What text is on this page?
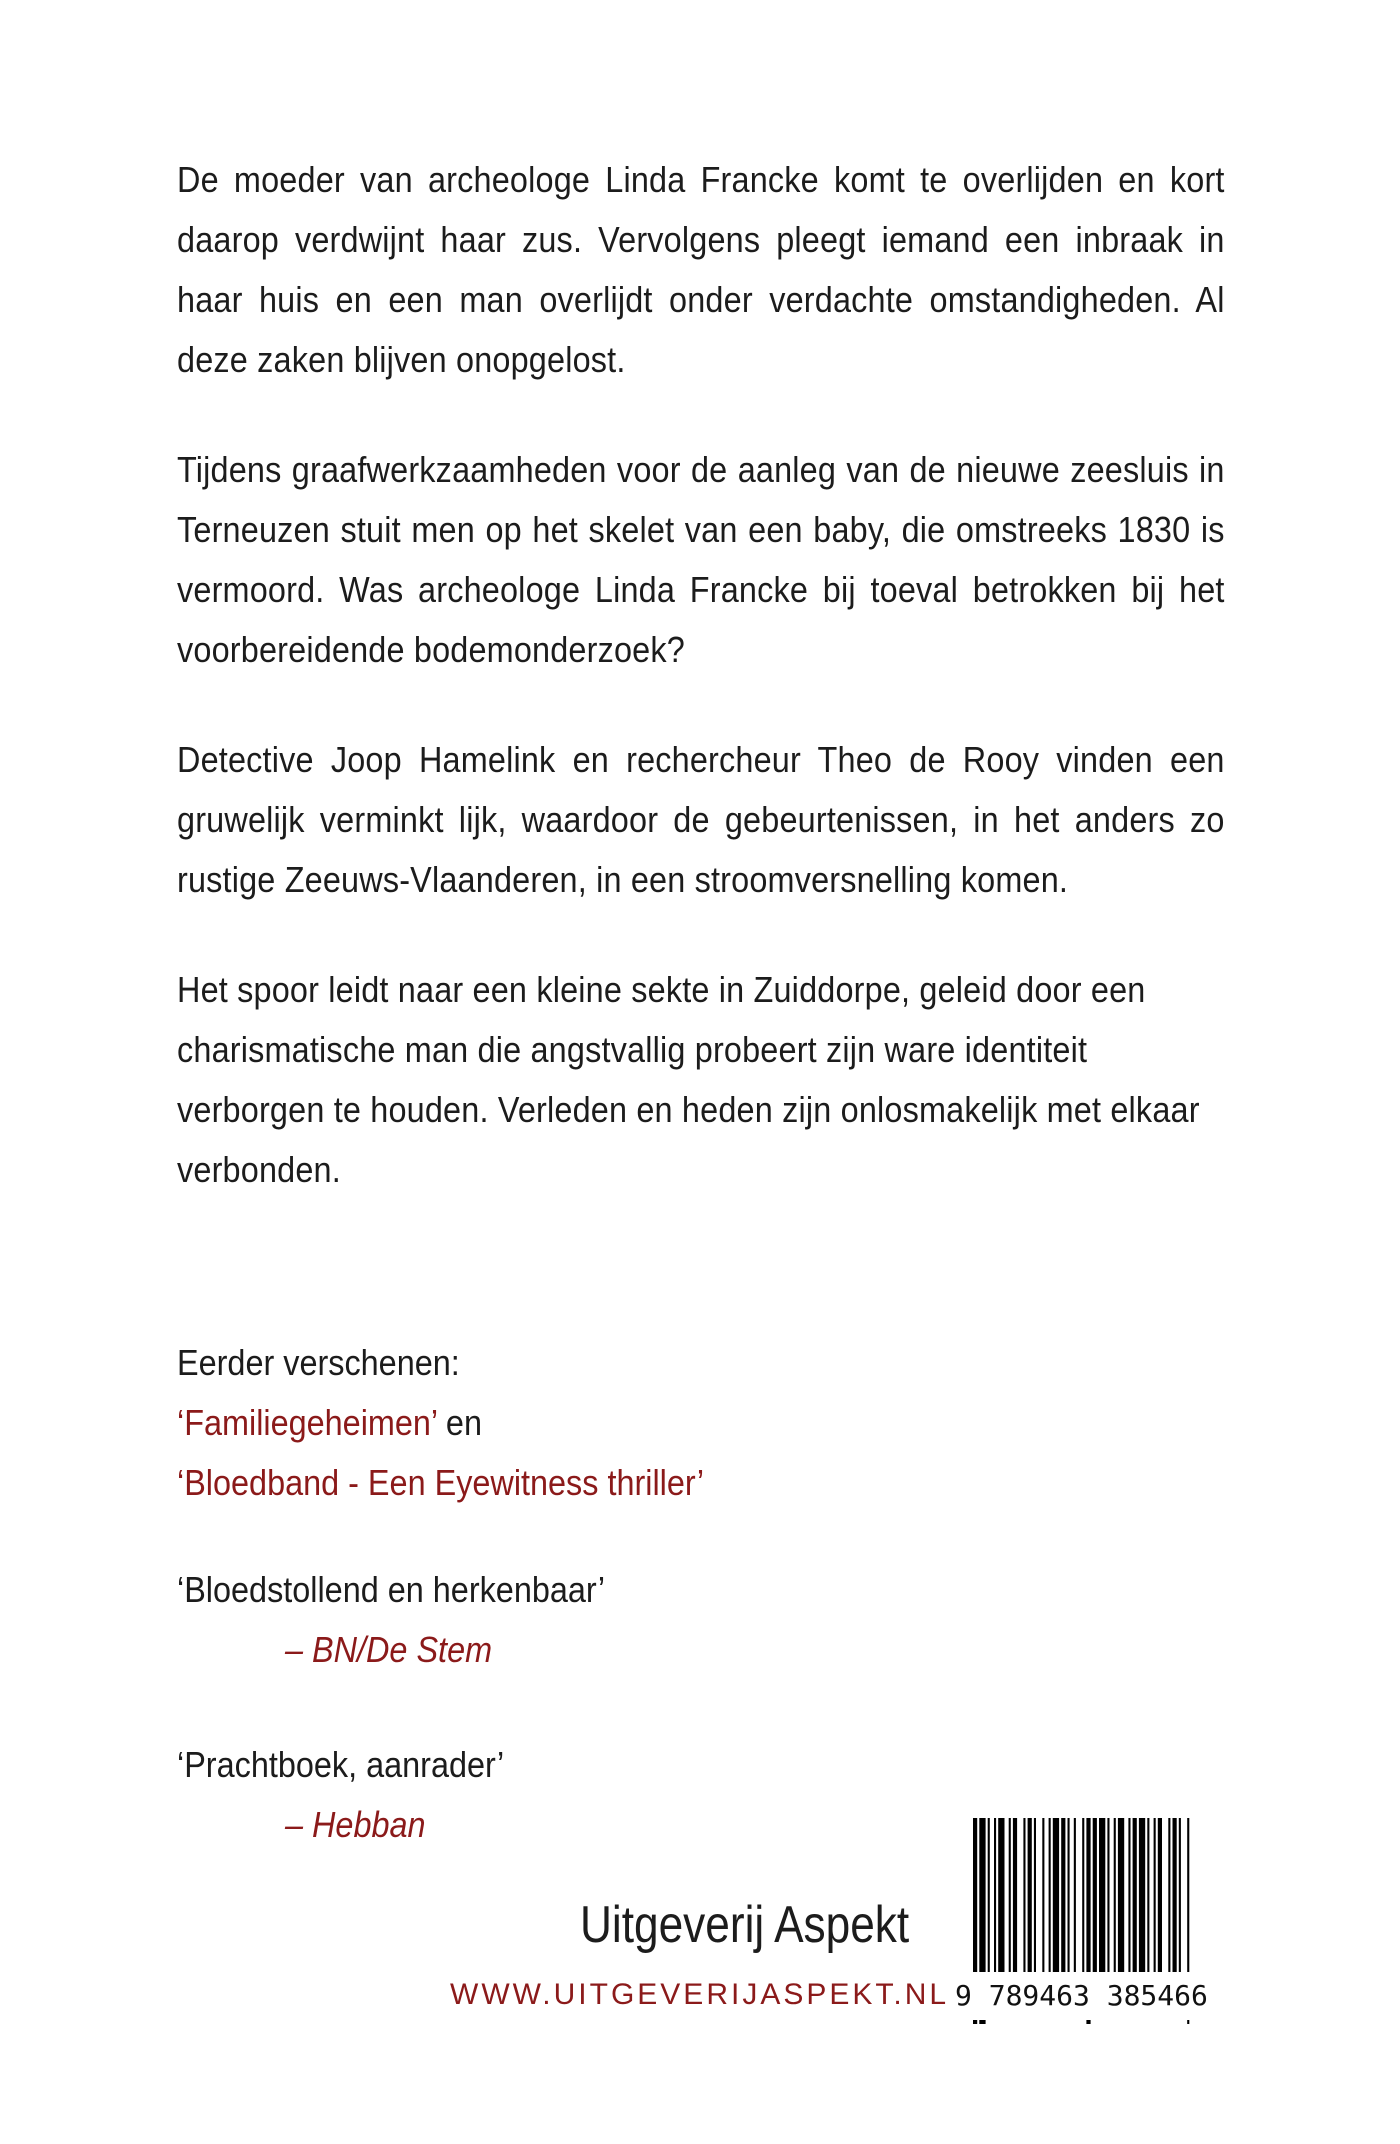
De moeder van archeologe Linda Francke komt te overlijden en kort daarop verdwijnt haar zus. Vervolgens pleegt iemand een inbraak in haar huis en een man overlijdt onder verdachte omstandigheden. Al deze zaken blijven onopgelost.

Tijdens graafwerkzaamheden voor de aanleg van de nieuwe zeesluis in Terneuzen stuit men op het skelet van een baby, die omstreeks 1830 is vermoord. Was archeologe Linda Francke bij toeval betrokken bij het voorbereidende bodemonderzoek?

Detective Joop Hamelink en rechercheur Theo de Rooy vinden een gruwelijk verminkt lijk, waardoor de gebeurtenissen, in het anders zo rustige Zeeuws-Vlaanderen, in een stroomversnelling komen.

Het spoor leidt naar een kleine sekte in Zuiddorpe, geleid door een charismatische man die angstvallig probeert zijn ware identiteit verborgen te houden. Verleden en heden zijn onlosmakelijk met elkaar verbonden.

Eerder verschenen:
‘Familiegeheimen’ en
‘Bloedband - Een Eyewitness thriller’
‘Bloedstollend en herkenbaar’
– BN/De Stem
‘Prachtboek, aanrader’
– Hebban
Uitgeverij Aspekt
WWW.UITGEVERIJASPEKT.NL 9 789463 385466
